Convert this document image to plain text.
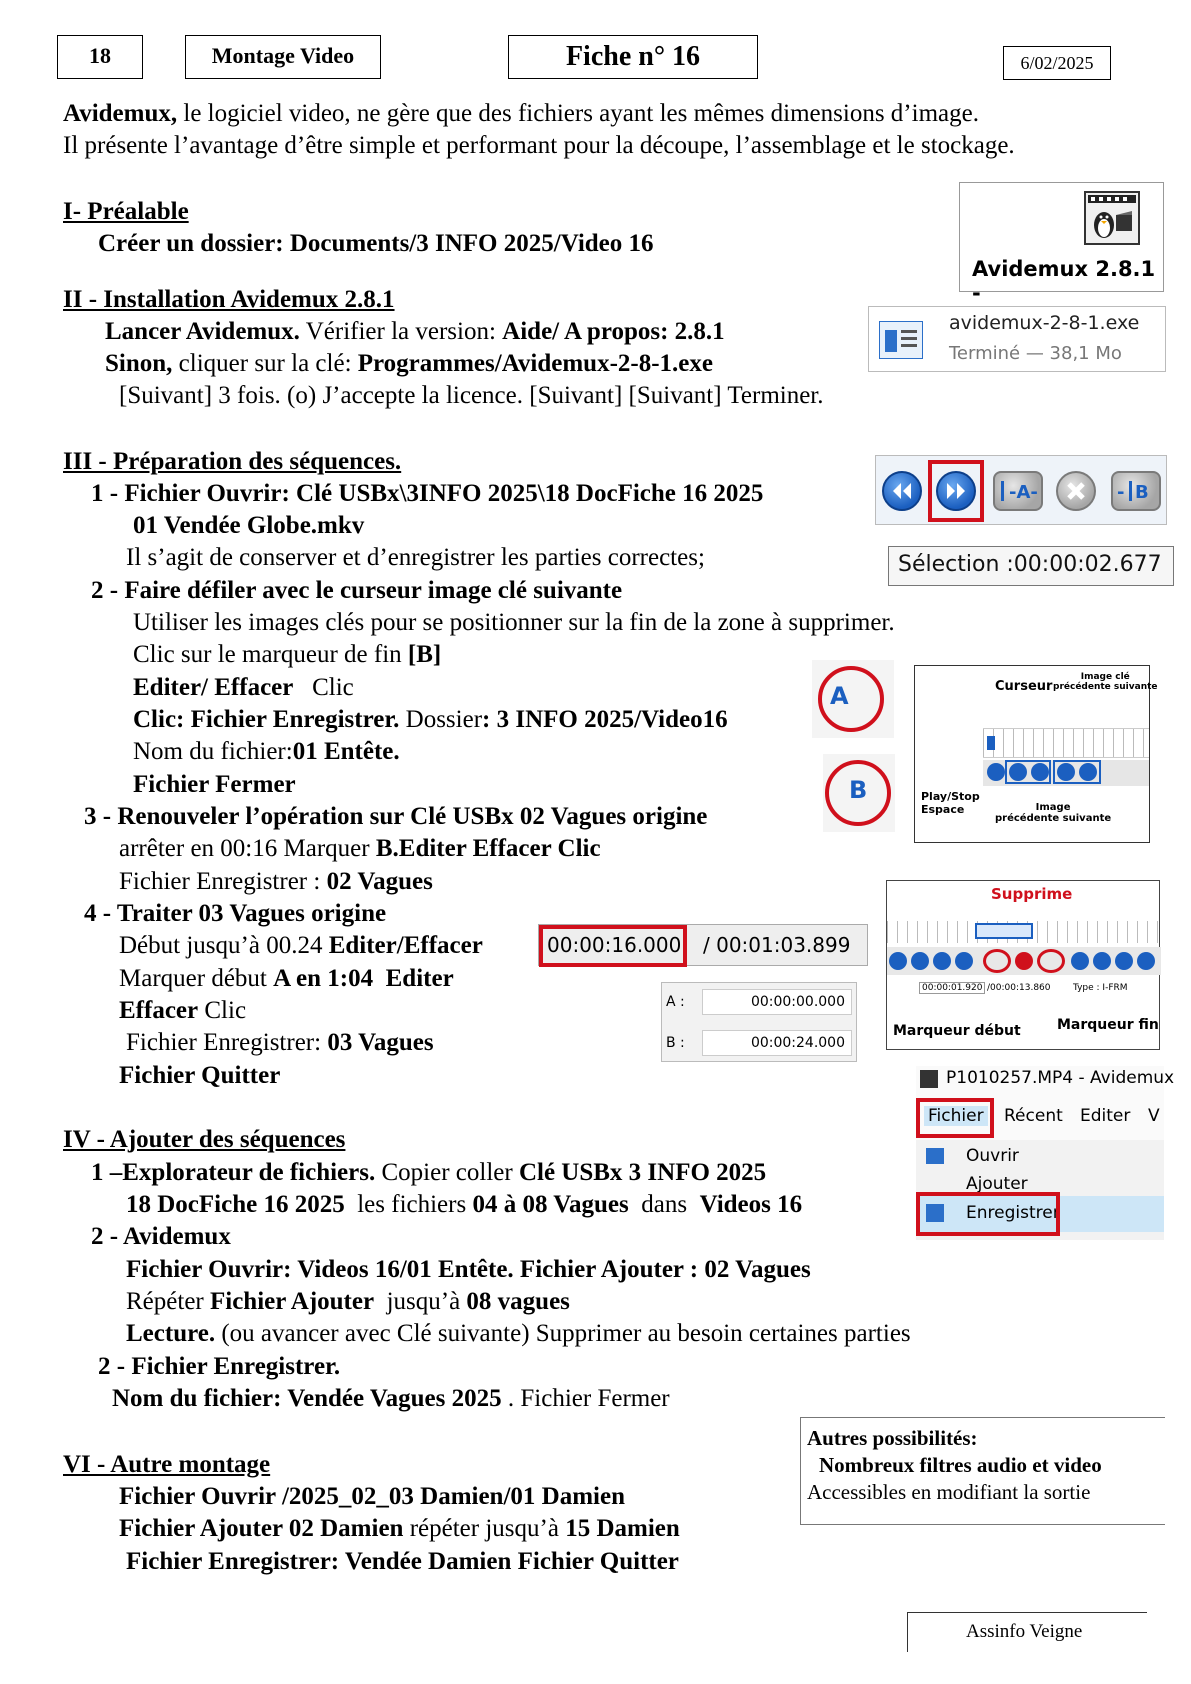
18	Montage Video	Fiche n° 16	6/02/2025
Avidemux, le logiciel video, ne gère que des fichiers ayant les mêmes dimensions d’image.
Il présente l’avantage d’être simple et performant pour la découpe, l’assemblage et le stockage.
I- Préalable
Créer un dossier: Documents/3 INFO 2025/Video 16
II - Installation Avidemux 2.8.1
Lancer Avidemux. Vérifier la version: Aide/ A propos: 2.8.1
Sinon, cliquer sur la clé: Programmes/Avidemux-2-8-1.exe
[Suivant] 3 fois. (o) J’accepte la licence. [Suivant] [Suivant] Terminer.
III - Préparation des séquences.
1 - Fichier Ouvrir: Clé USBx\3INFO 2025\18 DocFiche 16 2025
01 Vendée Globe.mkv
Il s’agit de conserver et d’enregistrer les parties correctes;
2 - Faire défiler avec le curseur image clé suivante
Utiliser les images clés pour se positionner sur la fin de la zone à supprimer.
Clic sur le marqueur de fin [B]
Editer/ Effacer   Clic
Clic: Fichier Enregistrer. Dossier: 3 INFO 2025/Video16
Nom du fichier:01 Entête.
Fichier Fermer
3 - Renouveler l’opération sur Clé USBx 02 Vagues origine
arrêter en 00:16 Marquer B.Editer Effacer Clic
Fichier Enregistrer : 02 Vagues
4 - Traiter 03 Vagues origine
Début jusqu’à 00.24 Editer/Effacer
Marquer début A en 1:04  Editer
Effacer Clic
Fichier Enregistrer: 03 Vagues
Fichier Quitter
IV - Ajouter des séquences
1 –Explorateur de fichiers. Copier coller Clé USBx 3 INFO 2025
18 DocFiche 16 2025  les fichiers 04 à 08 Vagues  dans  Videos 16
2 - Avidemux
Fichier Ouvrir: Videos 16/01 Entête. Fichier Ajouter : 02 Vagues
Répéter Fichier Ajouter  jusqu’à 08 vagues
Lecture. (ou avancer avec Clé suivante) Supprimer au besoin certaines parties
2 - Fichier Enregistrer.
Nom du fichier: Vendée Vagues 2025 . Fichier Fermer
VI - Autre montage
Fichier Ouvrir /2025_02_03 Damien/01 Damien
Fichier Ajouter 02 Damien répéter jusqu’à 15 Damien
Fichier Enregistrer: Vendée Damien Fichier Quitter
Autres possibilités:
Nombreux filtres audio et video
Accessibles en modifiant la sortie
Assinfo Veigne
Avidemux 2.8.1 -
avidemux-2-8-1.exe
Terminé — 38,1 Mo
-A-	- B
Sélection :00:00:02.677
A
B
Curseur
Image clé
précédente suivante
Play/Stop
Espace	Image
précédente suivante
00:00:16.000 / 00:01:03.899
A :	00:00:00.000
B :	00:00:24.000
Supprime
00:00:01.920 /00:00:13.860	Type : I-FRM
Marqueur début	Marqueur fin
P1010257.MP4 - Avidemux
Fichier Récent Editer V
Ouvrir
Ajouter
Enregistrer
